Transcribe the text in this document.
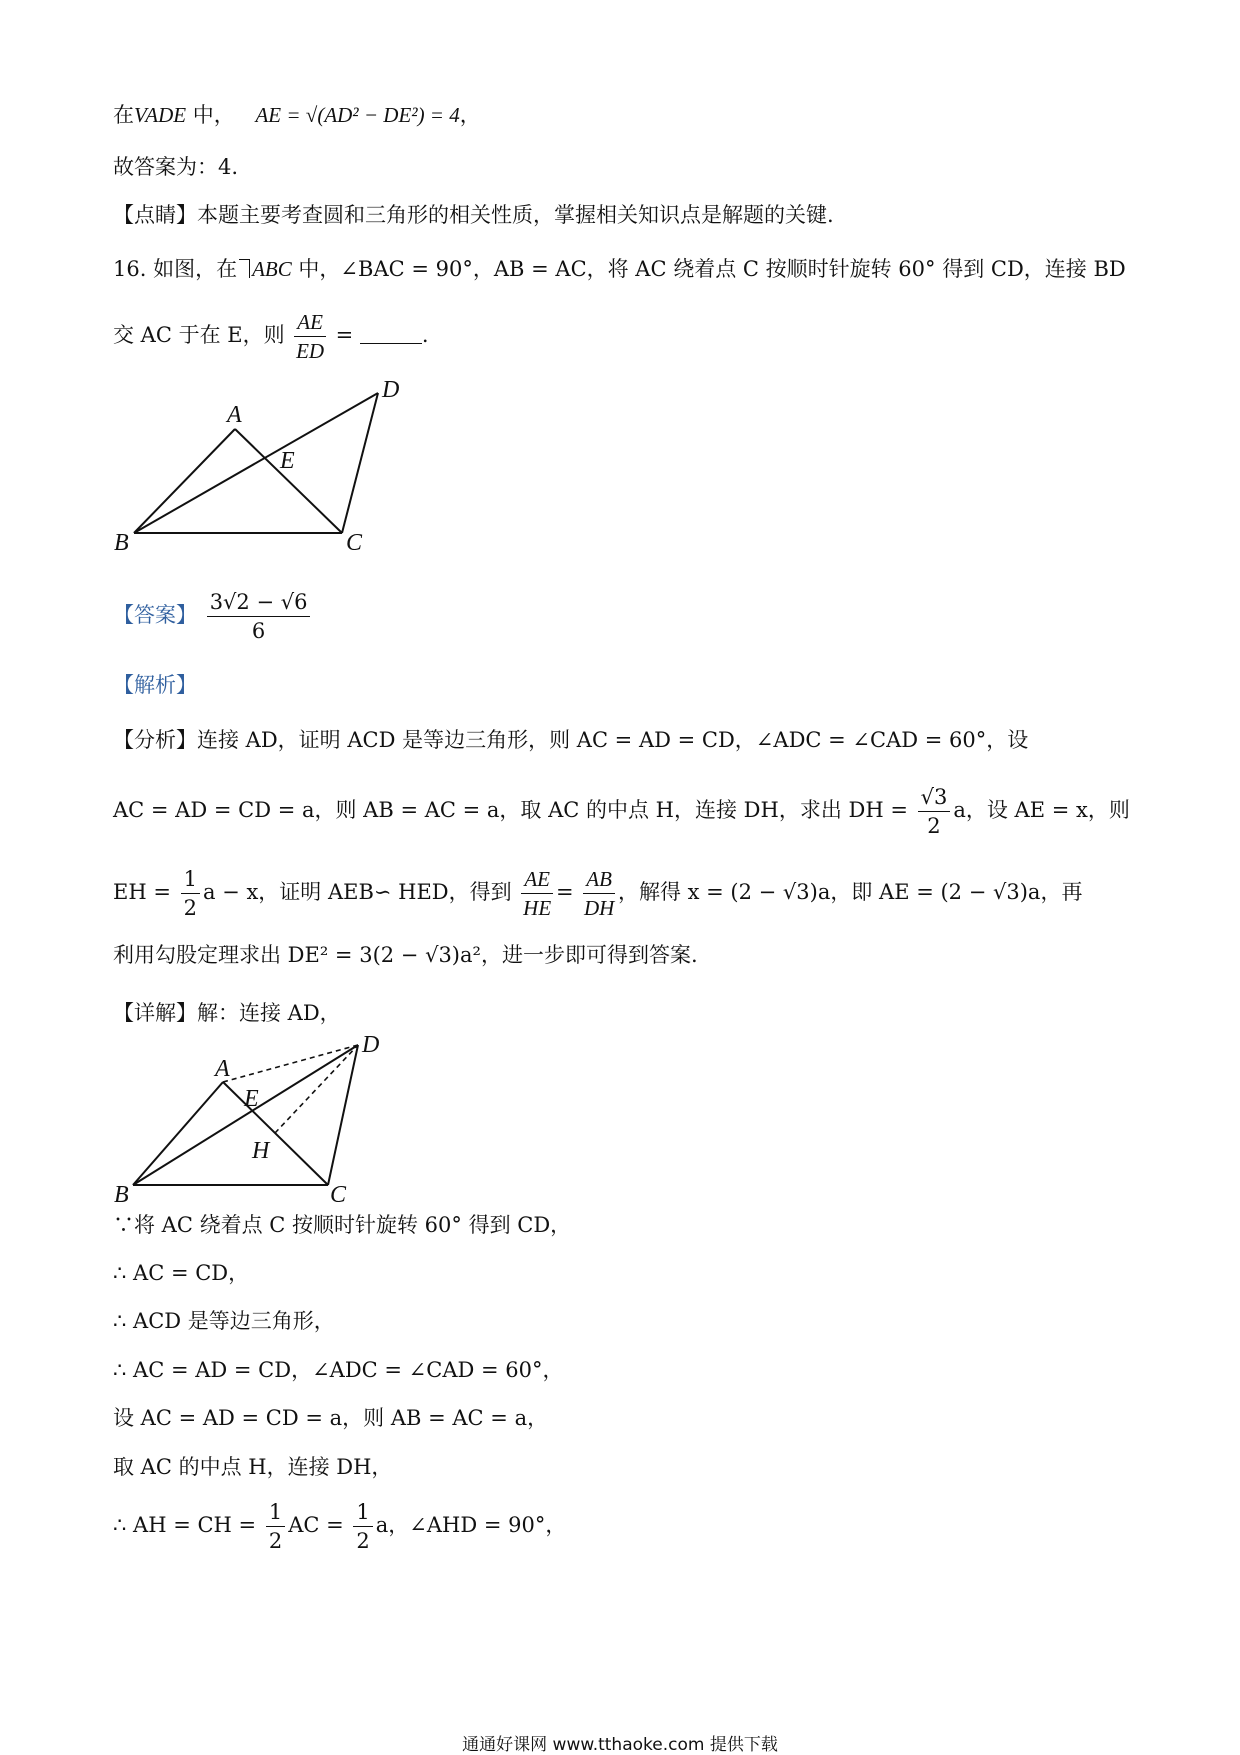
在VADE 中， AE = √(AD² − DE²) = 4，
故答案为：4.
【点睛】本题主要考查圆和三角形的相关性质，掌握相关知识点是解题的关键.
16. 如图，在 ABC 中，∠BAC = 90°，AB = AC，将 AC 绕着点 C 按顺时针旋转 60° 得到 CD，连接 BD
交 AC 于在 E，则 $\frac{AE}{ED}$ =	.
A
B	C
D
E
【答案】 $\frac{3√2 - √6}{6}$
【解析】
【分析】连接 AD，证明 ACD 是等边三角形，则 AC = AD = CD，∠ADC = ∠CAD = 60°，设
AC = AD = CD = a，则 AB = AC = a，取 AC 的中点 H，连接 DH，求出 DH = $\frac{√3}{2}$ a，设 AE = x，则
EH = $\frac{1}{2}$ a − x，证明 AEB∽ HED，得到 $\frac{AE}{HE} = \frac{AB}{DH}$ ，解得 x = (2 − √3)a，即 AE = (2 − √3)a，再
利用勾股定理求出 DE² = 3(2 − √3)a²，进一步即可得到答案.
【详解】解：连接 AD，
A
B	C
D
E
H
∵将 AC 绕着点 C 按顺时针旋转 60° 得到 CD，
∴ AC = CD，
∴ ACD 是等边三角形，
∴ AC = AD = CD，∠ADC = ∠CAD = 60°，
设 AC = AD = CD = a，则 AB = AC = a，
取 AC 的中点 H，连接 DH，
∴ AH = CH = $\frac{1}{2}$ AC = $\frac{1}{2}$ a，∠AHD = 90°，
通通好课网 www.tthaoke.com 提供下载
